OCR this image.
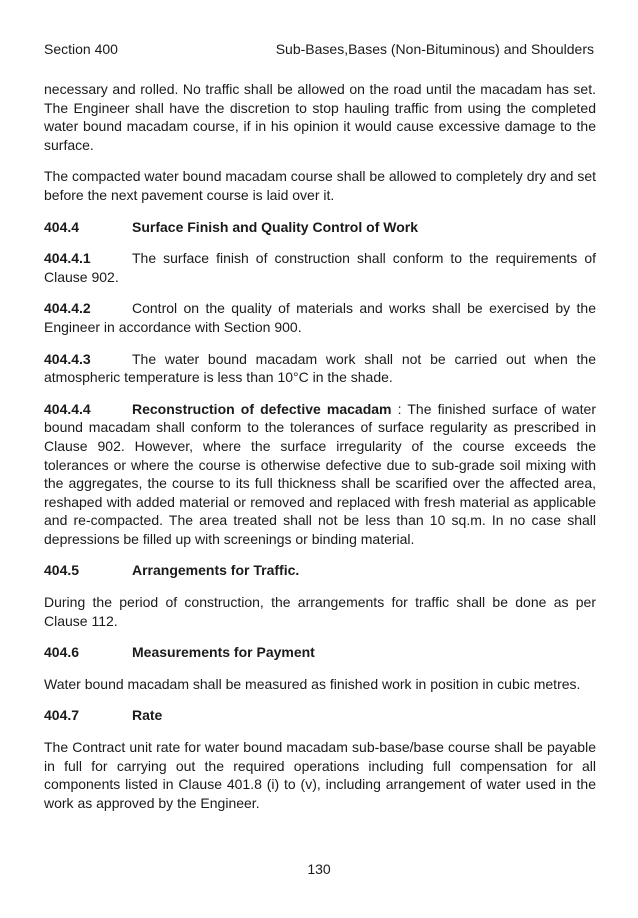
Section 400	Sub-Bases,Bases (Non-Bituminous) and Shoulders

necessary and rolled. No traffic shall be allowed on the road until the macadam has set. The Engineer shall have the discretion to stop hauling traffic from using the completed water bound macadam course, if in his opinion it would cause excessive damage to the surface.

The compacted water bound macadam course shall be allowed to completely dry and set before the next pavement course is laid over it.

404.4	Surface Finish and Quality Control of Work

404.4.1	The surface finish of construction shall conform to the requirements of Clause 902.

404.4.2	Control on the quality of materials and works shall be exercised by the Engineer in accordance with Section 900.

404.4.3	The water bound macadam work shall not be carried out when the atmospheric temperature is less than 10°C in the shade.

404.4.4	Reconstruction of defective macadam : The finished surface of water bound macadam shall conform to the tolerances of surface regularity as prescribed in Clause 902. However, where the surface irregularity of the course exceeds the tolerances or where the course is otherwise defective due to sub-grade soil mixing with the aggregates, the course to its full thickness shall be scarified over the affected area, reshaped with added material or removed and replaced with fresh material as applicable and re-compacted. The area treated shall not be less than 10 sq.m. In no case shall depressions be filled up with screenings or binding material.

404.5	Arrangements for Traffic.

During the period of construction, the arrangements for traffic shall be done as per Clause 112.

404.6	Measurements for Payment

Water bound macadam shall be measured as finished work in position in cubic metres.

404.7	Rate

The Contract unit rate for water bound macadam sub-base/base course shall be payable in full for carrying out the required operations including full compensation for all components listed in Clause 401.8 (i) to (v), including arrangement of water used in the work as approved by the Engineer.

130
